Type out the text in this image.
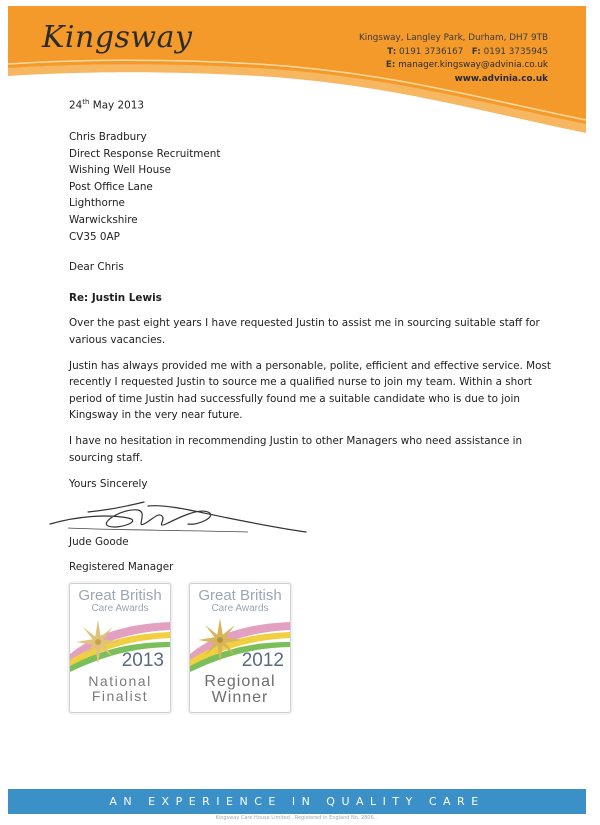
Kingsway	Kingsway, Langley Park, Durham, DH7 9TB
T: 0191 3736167 F: 0191 3735945
E: manager.kingsway@advinia.co.uk
www.advinia.co.uk
24th May 2013
Chris Bradbury
Direct Response Recruitment
Wishing Well House
Post Office Lane
Lighthorne
Warwickshire
CV35 0AP
Dear Chris
Re: Justin Lewis
Over the past eight years I have requested Justin to assist me in sourcing suitable staff for various vacancies.
Justin has always provided me with a personable, polite, efficient and effective service. Most recently I requested Justin to source me a qualified nurse to join my team. Within a short period of time Justin had successfully found me a suitable candidate who is due to join Kingsway in the very near future.
I have no hesitation in recommending Justin to other Managers who need assistance in sourcing staff.
Yours Sincerely
Jude Goode
Registered Manager
Great British
Care Awards
2013
National
Finalist
Great British
Care Awards
2012
Regional
Winner
AN EXPERIENCE IN QUALITY CARE
Kingsway Care House Limited . Registered in England No. 2806...
